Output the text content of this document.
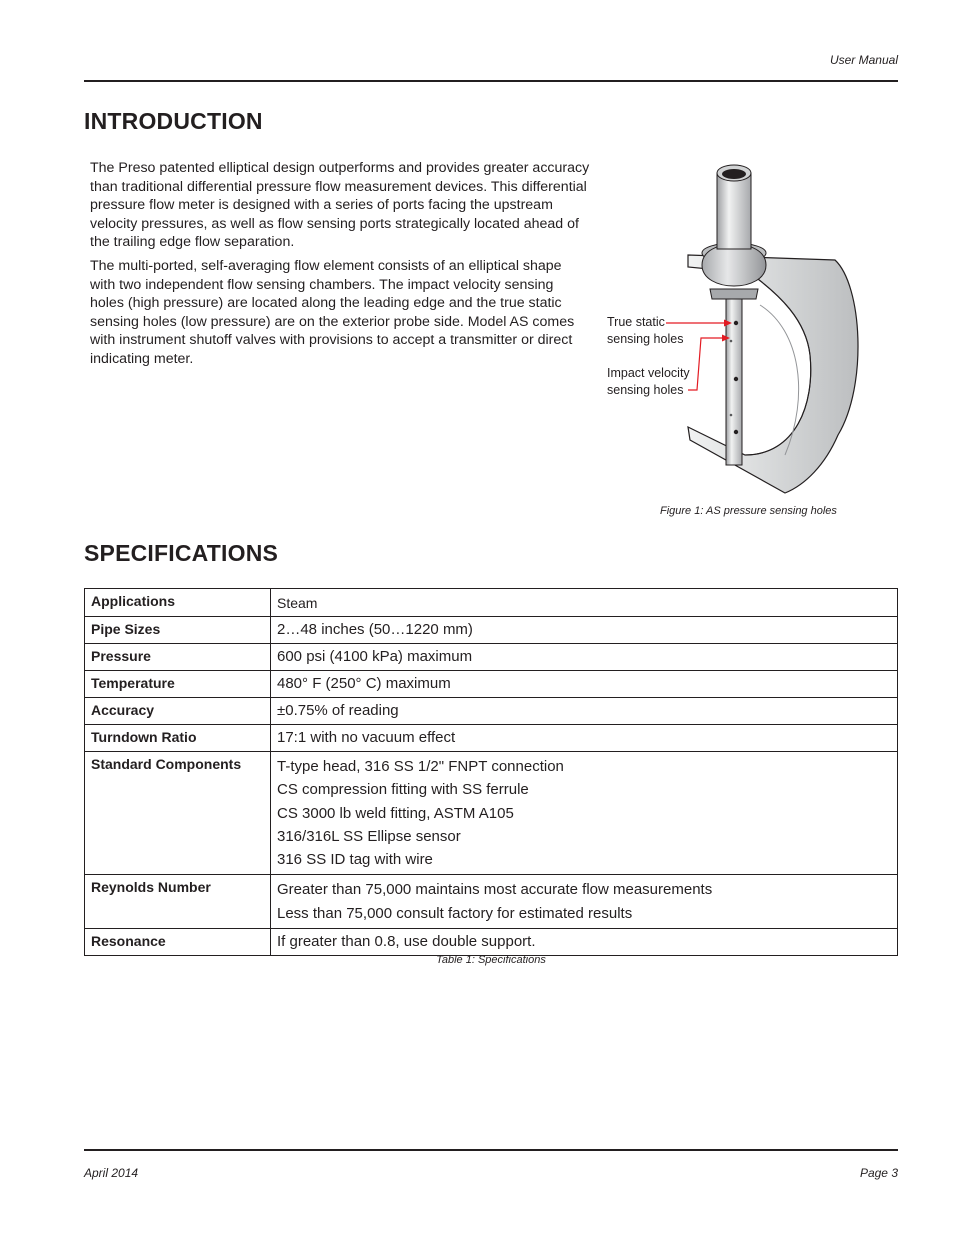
User Manual
INTRODUCTION

The Preso patented elliptical design outperforms and provides greater accuracy than traditional differential pressure flow measurement devices. This differential pressure flow meter is designed with a series of ports facing the upstream velocity pressures, as well as flow sensing ports strategically located ahead of the trailing edge flow separation.

The multi-ported, self-averaging flow element consists of an elliptical shape with two independent flow sensing chambers. The impact velocity sensing holes (high pressure) are located along the leading edge and the true static sensing holes (low pressure) are on the exterior probe side. Model AS comes with instrument shutoff valves with provisions to accept a transmitter or direct indicating meter.

True static
sensing holes
Impact velocity
sensing holes
Figure 1: AS pressure sensing holes
SPECIFICATIONS
Applications	Steam

Pipe Sizes	2…48 inches (50…1220 mm)

Pressure	600 psi (4100 kPa) maximum

Temperature	480° F (250° C) maximum

Accuracy	±0.75% of reading

Turndown Ratio	17:1 with no vacuum effect

Standard Components	T-type head, 316 SS 1/2" FNPT connection
CS compression fitting with SS ferrule
CS 3000 lb weld fitting, ASTM A105
316/316L SS Ellipse sensor
316 SS ID tag with wire

Reynolds Number	Greater than 75,000 maintains most accurate flow measurements
Less than 75,000 consult factory for estimated results

Resonance	If greater than 0.8, use double support.
Table 1: Specifications
April 2014	Page 3
